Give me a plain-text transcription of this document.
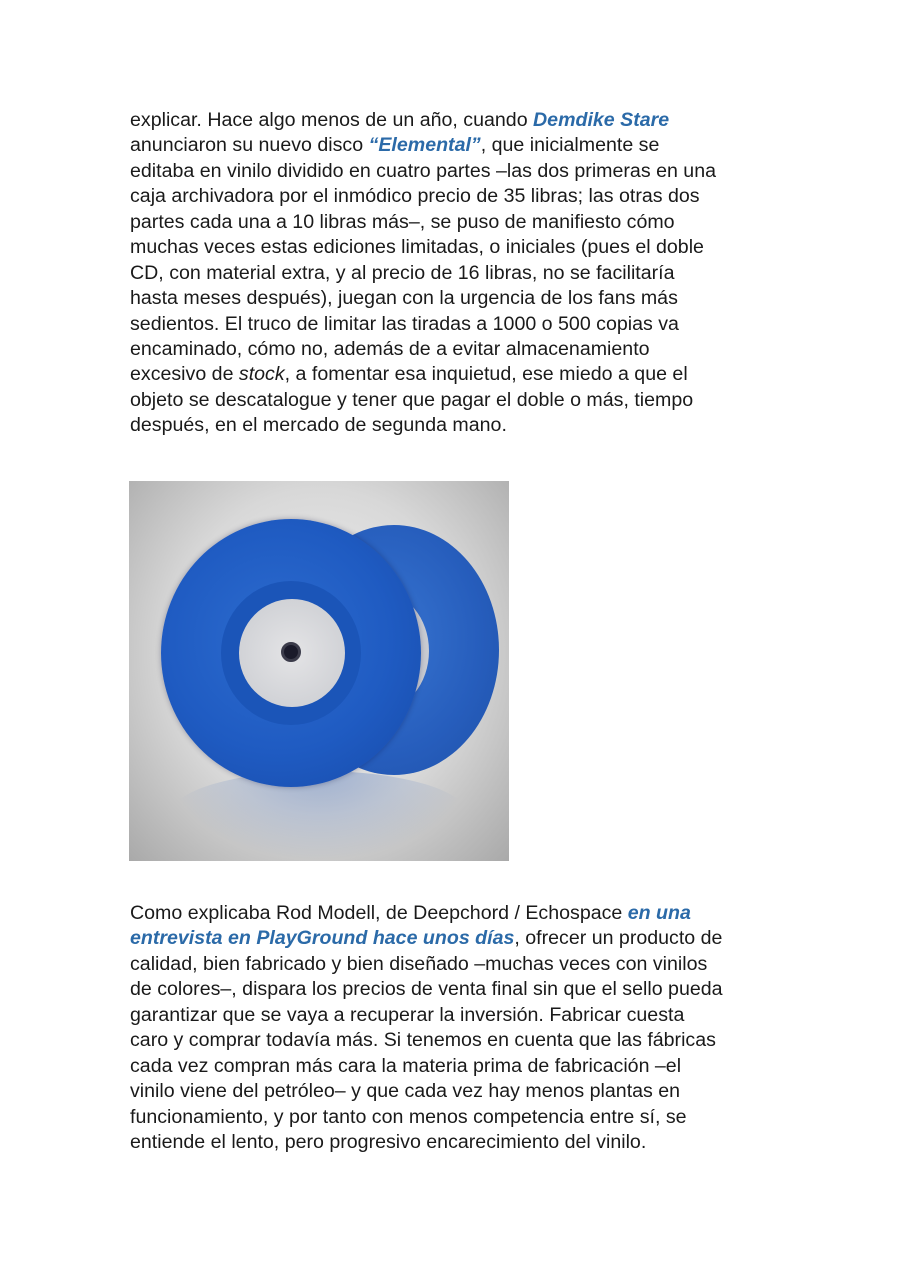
explicar. Hace algo menos de un año, cuando Demdike Stare
anunciaron su nuevo disco “Elemental”, que inicialmente se
editaba en vinilo dividido en cuatro partes –las dos primeras en una
caja archivadora por el inmódico precio de 35 libras; las otras dos
partes cada una a 10 libras más–, se puso de manifiesto cómo
muchas veces estas ediciones limitadas, o iniciales (pues el doble
CD, con material extra, y al precio de 16 libras, no se facilitaría
hasta meses después), juegan con la urgencia de los fans más
sedientos. El truco de limitar las tiradas a 1000 o 500 copias va
encaminado, cómo no, además de a evitar almacenamiento
excesivo de stock, a fomentar esa inquietud, ese miedo a que el
objeto se descatalogue y tener que pagar el doble o más, tiempo
después, en el mercado de segunda mano.
Como explicaba Rod Modell, de Deepchord / Echospace en una
entrevista en PlayGround hace unos días, ofrecer un producto de
calidad, bien fabricado y bien diseñado –muchas veces con vinilos
de colores–, dispara los precios de venta final sin que el sello pueda
garantizar que se vaya a recuperar la inversión. Fabricar cuesta
caro y comprar todavía más. Si tenemos en cuenta que las fábricas
cada vez compran más cara la materia prima de fabricación –el
vinilo viene del petróleo– y que cada vez hay menos plantas en
funcionamiento, y por tanto con menos competencia entre sí, se
entiende el lento, pero progresivo encarecimiento del vinilo.
